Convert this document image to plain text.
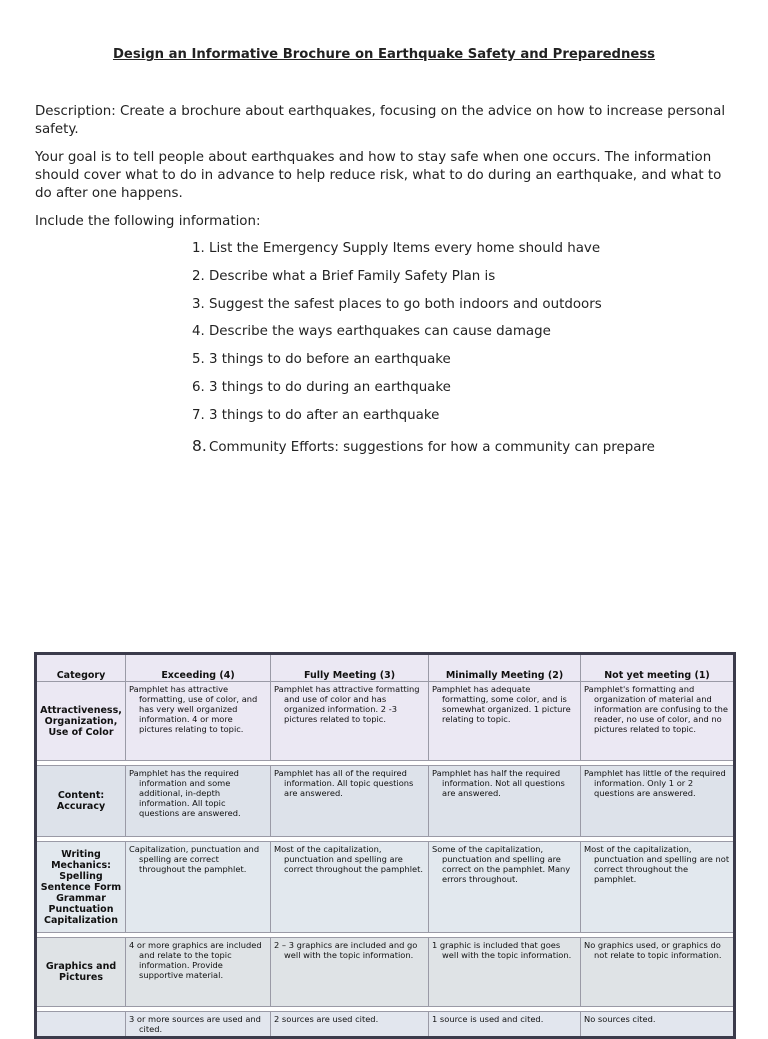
Design an Informative Brochure on Earthquake Safety and Preparedness
Description: Create a brochure about earthquakes, focusing on the advice on how to increase personal safety.
Your goal is to tell people about earthquakes and how to stay safe when one occurs. The information should cover what to do in advance to help reduce risk, what to do during an earthquake, and what to do after one happens.
Include the following information:
1. List the Emergency Supply Items every home should have
2. Describe what a Brief Family Safety Plan is
3. Suggest the safest places to go both indoors and outdoors
4. Describe the ways earthquakes can cause damage
5. 3 things to do before an earthquake
6. 3 things to do during an earthquake
7. 3 things to do after an earthquake
8. Community Efforts: suggestions for how a community can prepare
Category	Exceeding (4)	Fully Meeting (3)	Minimally Meeting (2)	Not yet meeting (1)
Attractiveness, Organization, Use of Color	Pamphlet has attractive formatting, use of color, and has very well organized information. 4 or more pictures relating to topic.	Pamphlet has attractive formatting and use of color and has organized information. 2 -3 pictures related to topic.	Pamphlet has adequate formatting, some color, and is somewhat organized. 1 picture relating to topic.	Pamphlet's formatting and organization of material and information are confusing to the reader, no use of color, and no pictures related to topic.

Content: Accuracy	Pamphlet has the required information and some additional, in-depth information. All topic questions are answered.	Pamphlet has all of the required information. All topic questions are answered.	Pamphlet has half the required information. Not all questions are answered.	Pamphlet has little of the required information. Only 1 or 2 questions are answered.

Writing Mechanics: Spelling Sentence Form Grammar Punctuation Capitalization	Capitalization, punctuation and spelling are correct throughout the pamphlet.	Most of the capitalization, punctuation and spelling are correct throughout the pamphlet.	Some of the capitalization, punctuation and spelling are correct on the pamphlet. Many errors throughout.	Most of the capitalization, punctuation and spelling are not correct throughout the pamphlet.

Graphics and Pictures	4 or more graphics are included and relate to the topic information. Provide supportive material.	2 – 3 graphics are included and go well with the topic information.	1 graphic is included that goes well with the topic information.	No graphics used, or graphics do not relate to topic information.

	3 or more sources are used and cited.	2 sources are used cited.	1 source is used and cited.	No sources cited.
